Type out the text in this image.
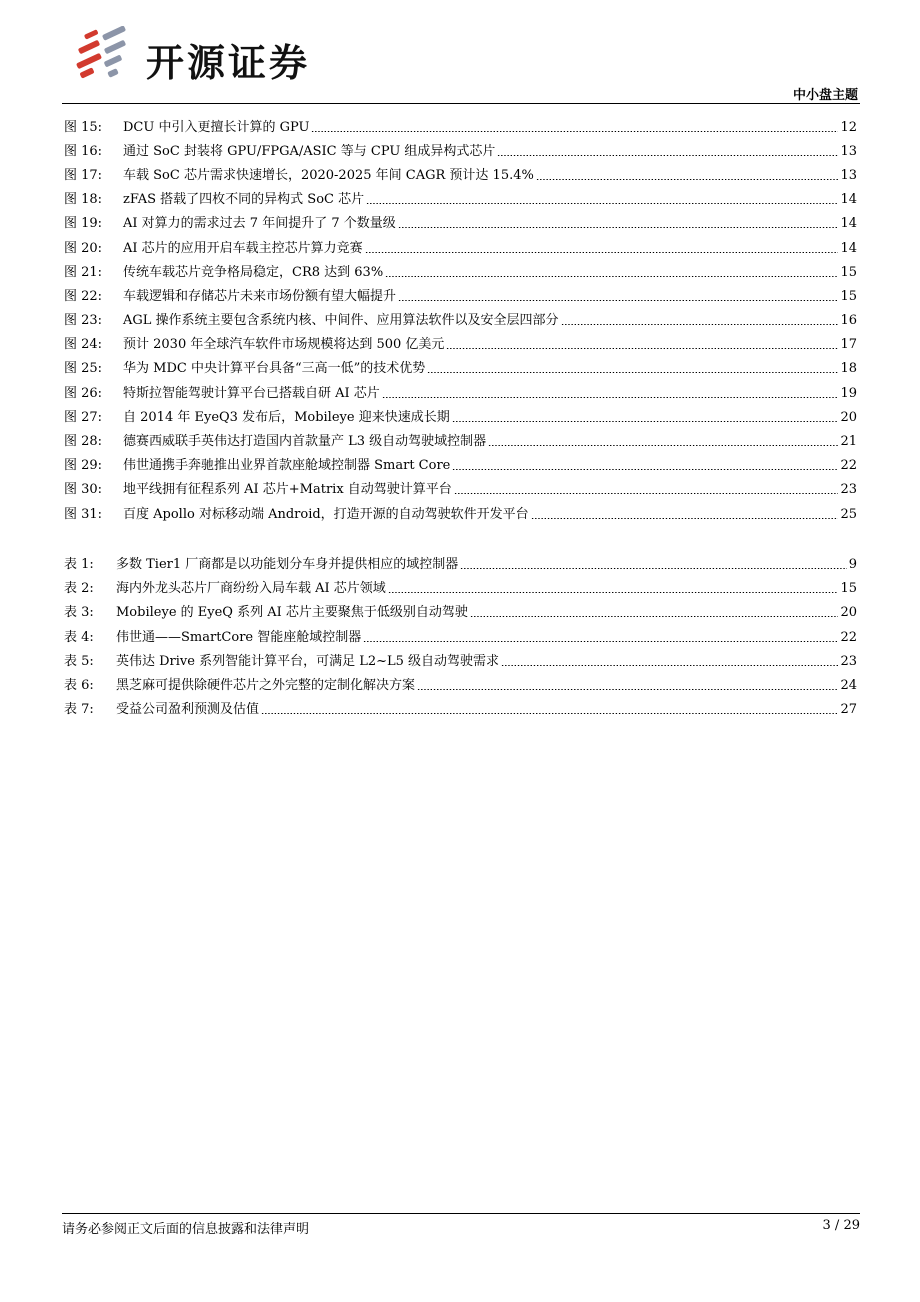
开源证券
中小盘主题
图 15:	DCU 中引入更擅长计算的 GPU	12
图 16:	通过 SoC 封装将 GPU/FPGA/ASIC 等与 CPU 组成异构式芯片	13
图 17:	车载 SoC 芯片需求快速增长，2020-2025 年间 CAGR 预计达 15.4%	13
图 18:	zFAS 搭载了四枚不同的异构式 SoC 芯片	14
图 19:	AI 对算力的需求过去 7 年间提升了 7 个数量级	14
图 20:	AI 芯片的应用开启车载主控芯片算力竞赛	14
图 21:	传统车载芯片竞争格局稳定，CR8 达到 63%	15
图 22:	车载逻辑和存储芯片未来市场份额有望大幅提升	15
图 23:	AGL 操作系统主要包含系统内核、中间件、应用算法软件以及安全层四部分	16
图 24:	预计 2030 年全球汽车软件市场规模将达到 500 亿美元	17
图 25:	华为 MDC 中央计算平台具备“三高一低”的技术优势	18
图 26:	特斯拉智能驾驶计算平台已搭载自研 AI 芯片	19
图 27:	自 2014 年 EyeQ3 发布后，Mobileye 迎来快速成长期	20
图 28:	德赛西威联手英伟达打造国内首款量产 L3 级自动驾驶域控制器	21
图 29:	伟世通携手奔驰推出业界首款座舱域控制器 Smart Core	22
图 30:	地平线拥有征程系列 AI 芯片+Matrix 自动驾驶计算平台	23
图 31:	百度 Apollo 对标移动端 Android，打造开源的自动驾驶软件开发平台	25
表 1:	多数 Tier1 厂商都是以功能划分车身并提供相应的域控制器	9
表 2:	海内外龙头芯片厂商纷纷入局车载 AI 芯片领域	15
表 3:	Mobileye 的 EyeQ 系列 AI 芯片主要聚焦于低级别自动驾驶	20
表 4:	伟世通——SmartCore 智能座舱域控制器	22
表 5:	英伟达 Drive 系列智能计算平台，可满足 L2~L5 级自动驾驶需求	23
表 6:	黑芝麻可提供除硬件芯片之外完整的定制化解决方案	24
表 7:	受益公司盈利预测及估值	27
请务必参阅正文后面的信息披露和法律声明	3 / 29
